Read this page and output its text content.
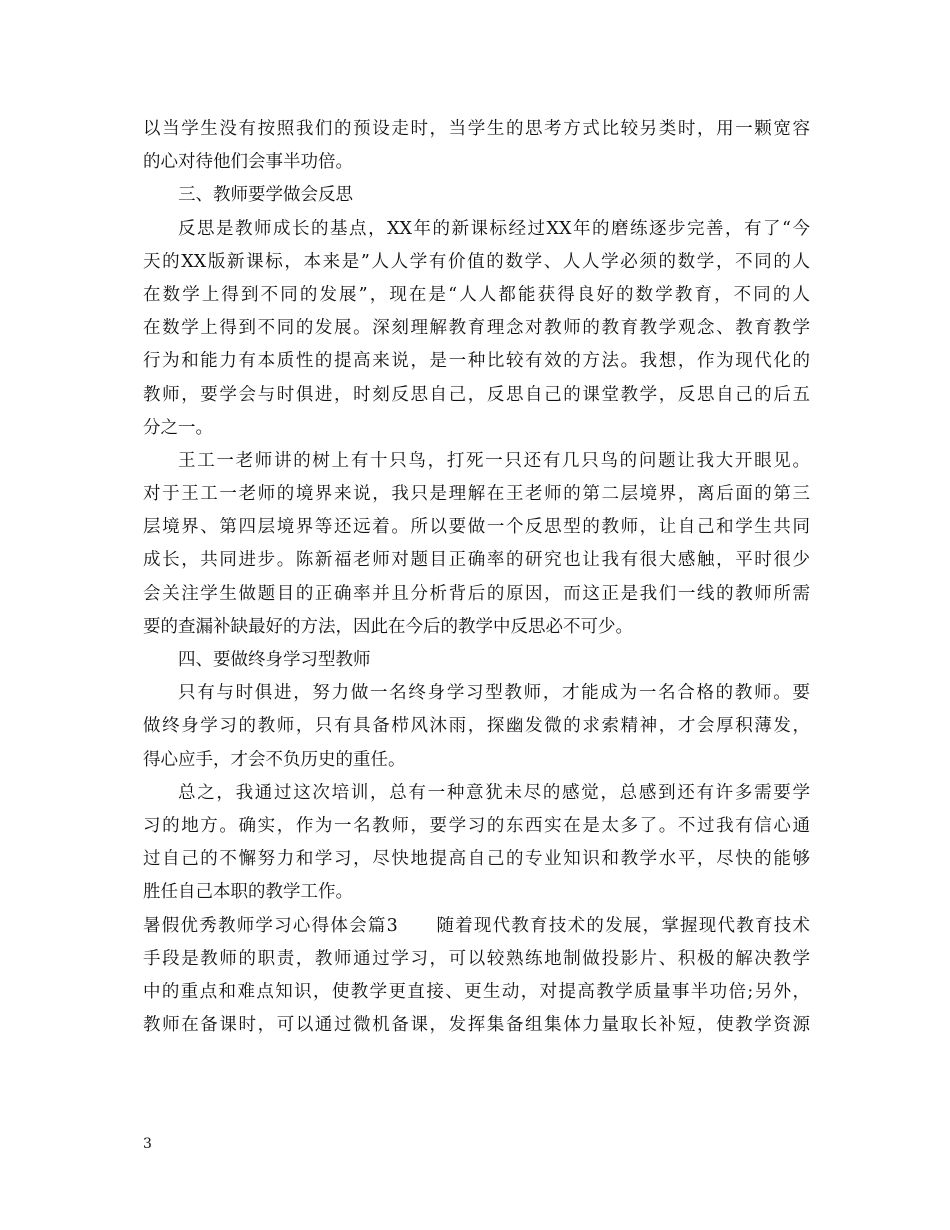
以当学生没有按照我们的预设走时，当学生的思考方式比较另类时，用一颗宽容
的心对待他们会事半功倍。
三、教师要学做会反思
反思是教师成长的基点，XX年的新课标经过XX年的磨练逐步完善，有了“今
天的XX版新课标，本来是”人人学有价值的数学、人人学必须的数学，不同的人
在数学上得到不同的发展”，现在是“人人都能获得良好的数学教育，不同的人
在数学上得到不同的发展。深刻理解教育理念对教师的教育教学观念、教育教学
行为和能力有本质性的提高来说，是一种比较有效的方法。我想，作为现代化的
教师，要学会与时俱进，时刻反思自己，反思自己的课堂教学，反思自己的后五
分之一。
王工一老师讲的树上有十只鸟，打死一只还有几只鸟的问题让我大开眼见。
对于王工一老师的境界来说，我只是理解在王老师的第二层境界，离后面的第三
层境界、第四层境界等还远着。所以要做一个反思型的教师，让自己和学生共同
成长，共同进步。陈新福老师对题目正确率的研究也让我有很大感触，平时很少
会关注学生做题目的正确率并且分析背后的原因，而这正是我们一线的教师所需
要的查漏补缺最好的方法，因此在今后的教学中反思必不可少。
四、要做终身学习型教师
只有与时俱进，努力做一名终身学习型教师，才能成为一名合格的教师。要
做终身学习的教师，只有具备栉风沐雨，探幽发微的求索精神，才会厚积薄发，
得心应手，才会不负历史的重任。
总之，我通过这次培训，总有一种意犹未尽的感觉，总感到还有许多需要学
习的地方。确实，作为一名教师，要学习的东西实在是太多了。不过我有信心通
过自己的不懈努力和学习，尽快地提高自己的专业知识和教学水平，尽快的能够
胜任自己本职的教学工作。
暑假优秀教师学习心得体会篇3　　随着现代教育技术的发展，掌握现代教育技术
手段是教师的职责，教师通过学习，可以较熟练地制做投影片、积极的解决教学
中的重点和难点知识，使教学更直接、更生动，对提高教学质量事半功倍;另外，
教师在备课时，可以通过微机备课，发挥集备组集体力量取长补短，使教学资源
3
